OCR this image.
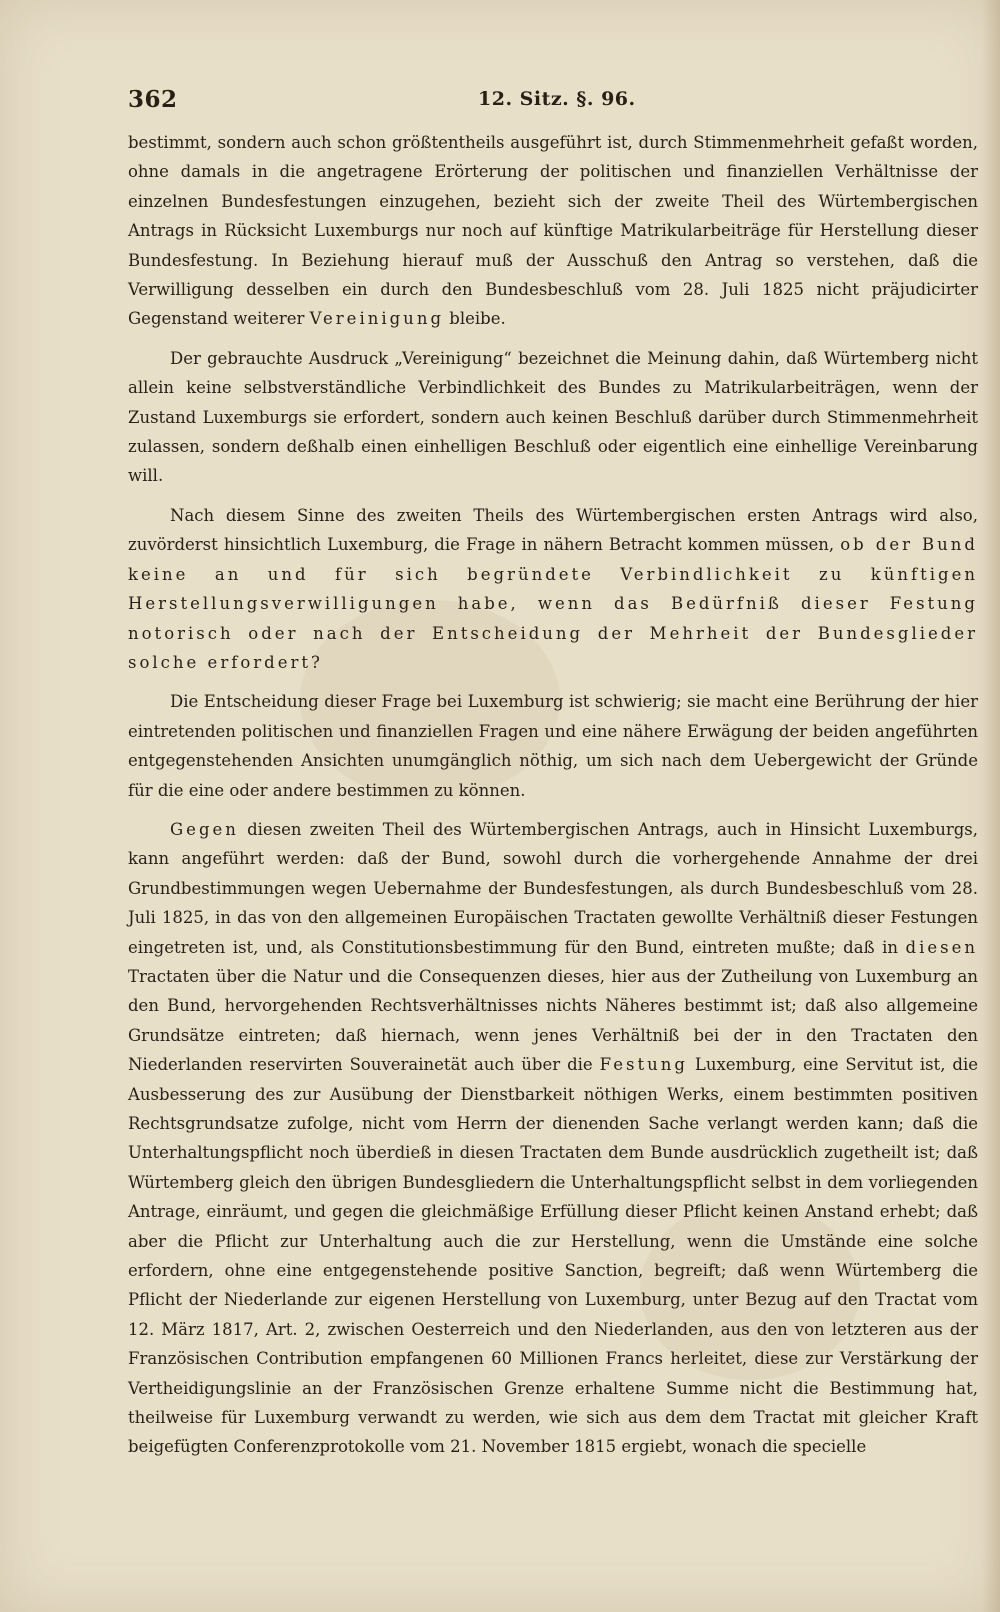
362	12. Sitz. §. 96.

bestimmt, sondern auch schon größtentheils ausgeführt ist, durch Stimmenmehrheit gefaßt worden, ohne damals in die angetragene Erörterung der politischen und finanziellen Verhältnisse der einzelnen Bundesfestungen einzugehen, bezieht sich der zweite Theil des Würtembergischen Antrags in Rücksicht Luxemburgs nur noch auf künftige Matrikularbeiträge für Herstellung dieser Bundesfestung. In Beziehung hierauf muß der Ausschuß den Antrag so verstehen, daß die Verwilligung desselben ein durch den Bundesbeschluß vom 28. Juli 1825 nicht präjudicirter Gegenstand weiterer Vereinigung bleibe.

Der gebrauchte Ausdruck „Vereinigung“ bezeichnet die Meinung dahin, daß Würtemberg nicht allein keine selbstverständliche Verbindlichkeit des Bundes zu Matrikularbeiträgen, wenn der Zustand Luxemburgs sie erfordert, sondern auch keinen Beschluß darüber durch Stimmenmehrheit zulassen, sondern deßhalb einen einhelligen Beschluß oder eigentlich eine einhellige Vereinbarung will.

Nach diesem Sinne des zweiten Theils des Würtembergischen ersten Antrags wird also, zuvörderst hinsichtlich Luxemburg, die Frage in nähern Betracht kommen müssen, ob der Bund keine an und für sich begründete Verbindlichkeit zu künftigen Herstellungsverwilligungen habe, wenn das Bedürfniß dieser Festung notorisch oder nach der Entscheidung der Mehrheit der Bundesglieder solche erfordert?

Die Entscheidung dieser Frage bei Luxemburg ist schwierig; sie macht eine Berührung der hier eintretenden politischen und finanziellen Fragen und eine nähere Erwägung der beiden angeführten entgegenstehenden Ansichten unumgänglich nöthig, um sich nach dem Uebergewicht der Gründe für die eine oder andere bestimmen zu können.

Gegen diesen zweiten Theil des Würtembergischen Antrags, auch in Hinsicht Luxemburgs, kann angeführt werden: daß der Bund, sowohl durch die vorhergehende Annahme der drei Grundbestimmungen wegen Uebernahme der Bundesfestungen, als durch Bundesbeschluß vom 28. Juli 1825, in das von den allgemeinen Europäischen Tractaten gewollte Verhältniß dieser Festungen eingetreten ist, und, als Constitutionsbestimmung für den Bund, eintreten mußte; daß in diesen Tractaten über die Natur und die Consequenzen dieses, hier aus der Zutheilung von Luxemburg an den Bund, hervorgehenden Rechtsverhältnisses nichts Näheres bestimmt ist; daß also allgemeine Grundsätze eintreten; daß hiernach, wenn jenes Verhältniß bei der in den Tractaten den Niederlanden reservirten Souverainetät auch über die Festung Luxemburg, eine Servitut ist, die Ausbesserung des zur Ausübung der Dienstbarkeit nöthigen Werks, einem bestimmten positiven Rechtsgrundsatze zufolge, nicht vom Herrn der dienenden Sache verlangt werden kann; daß die Unterhaltungspflicht noch überdieß in diesen Tractaten dem Bunde ausdrücklich zugetheilt ist; daß Würtemberg gleich den übrigen Bundesgliedern die Unterhaltungspflicht selbst in dem vorliegenden Antrage, einräumt, und gegen die gleichmäßige Erfüllung dieser Pflicht keinen Anstand erhebt; daß aber die Pflicht zur Unterhaltung auch die zur Herstellung, wenn die Umstände eine solche erfordern, ohne eine entgegenstehende positive Sanction, begreift; daß wenn Würtemberg die Pflicht der Niederlande zur eigenen Herstellung von Luxemburg, unter Bezug auf den Tractat vom 12. März 1817, Art. 2, zwischen Oesterreich und den Niederlanden, aus den von letzteren aus der Französischen Contribution empfangenen 60 Millionen Francs herleitet, diese zur Verstärkung der Vertheidigungslinie an der Französischen Grenze erhaltene Summe nicht die Bestimmung hat, theilweise für Luxemburg verwandt zu werden, wie sich aus dem dem Tractat mit gleicher Kraft beigefügten Conferenzprotokolle vom 21. November 1815 ergiebt, wonach die specielle
